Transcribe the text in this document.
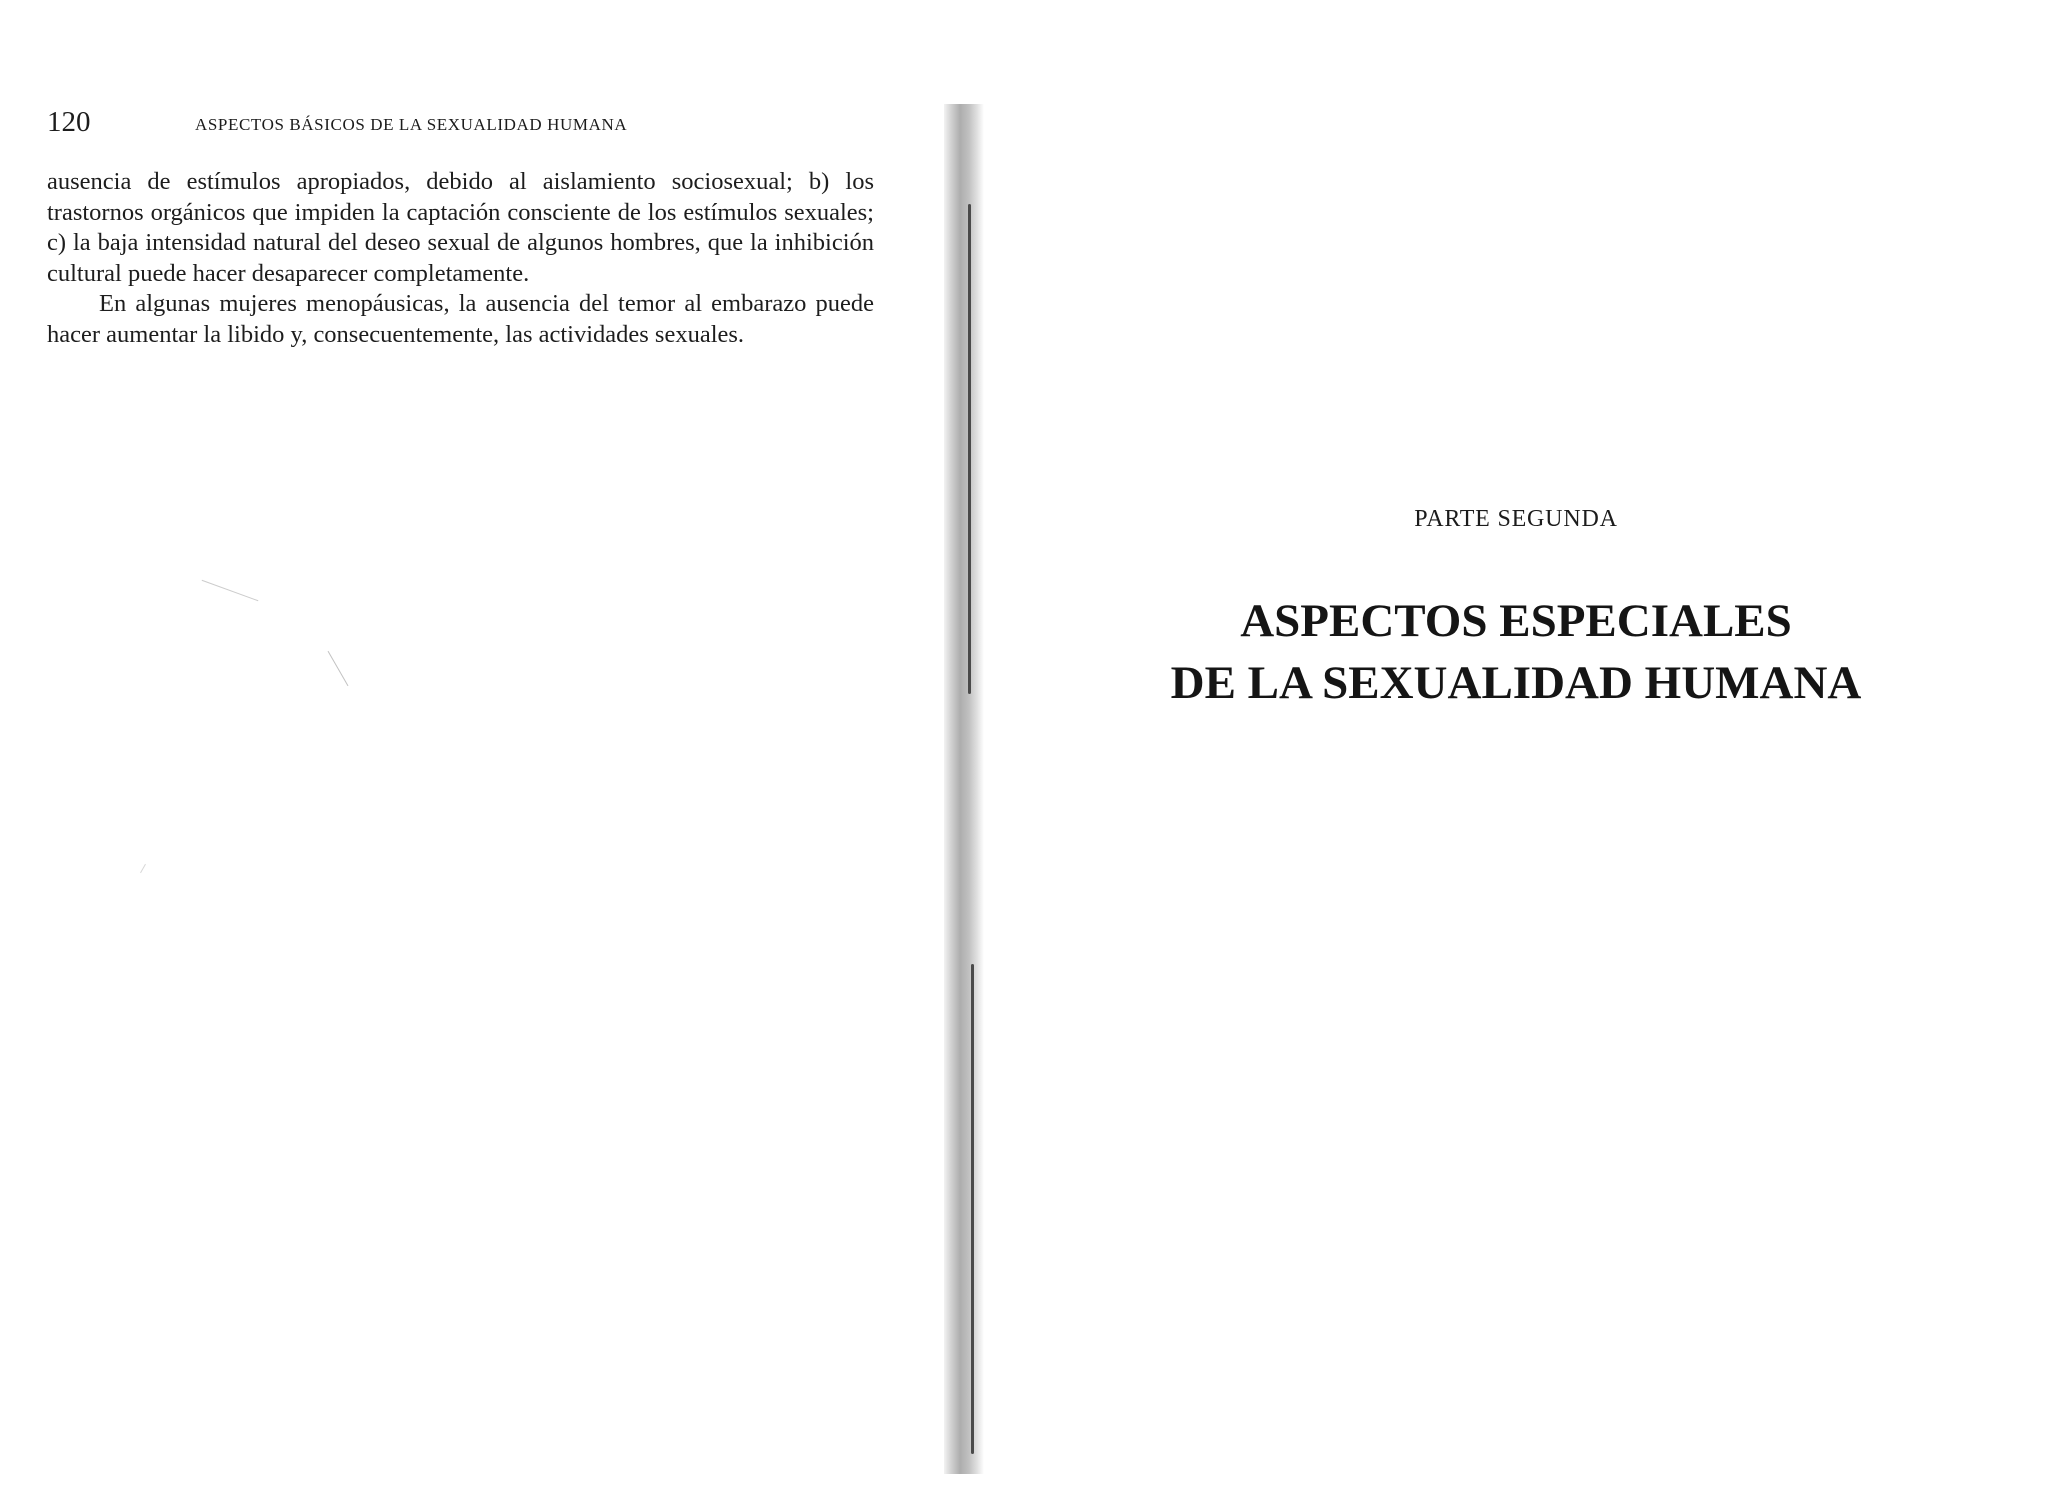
120	ASPECTOS BÁSICOS DE LA SEXUALIDAD HUMANA

ausencia de estímulos apropiados, debido al aislamiento sociosexual; b) los trastornos orgánicos que impiden la captación consciente de los estímulos sexuales; c) la baja intensidad natural del deseo sexual de algunos hombres, que la inhibición cultural puede hacer desaparecer completamente.

En algunas mujeres menopáusicas, la ausencia del temor al embarazo puede hacer aumentar la libido y, consecuentemente, las actividades sexuales.

PARTE SEGUNDA
ASPECTOS ESPECIALES
DE LA SEXUALIDAD HUMANA
